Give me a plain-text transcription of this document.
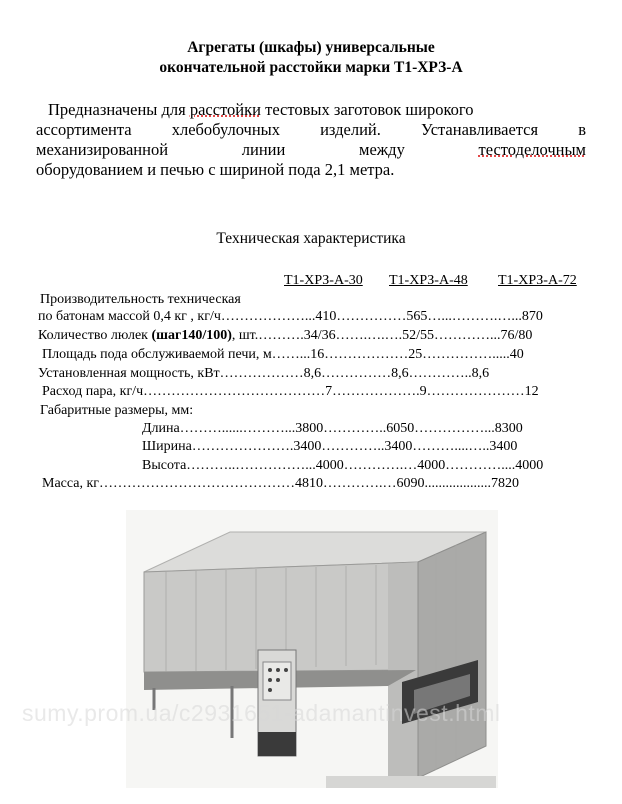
Агрегаты (шкафы) универсальные
окончательной расстойки марки Т1-ХРЗ-А
Предназначены для расстойки тестовых заготовок широкого
ассортимента хлебобулочных изделий. Устанавливается в
механизированной линии между тестоделочным
оборудованием и печью с шириной пода 2,1 метра.
Техническая характеристика
Т1-ХРЗ-А-30 Т1-ХРЗ-А-48 Т1-ХРЗ-А-72
Производительность техническая
по батонам массой 0,4 кг , кг/ч………………...410……………565…...……….…...870
Количество люлек (шаг140/100), шт.……….34/36…….….….52/55…………...76/80
Площадь пода обслуживаемой печи, м……...16………………25…………….....40
Установленная мощность, кВт………………8,6……………8,6…………..8,6
Расход пара, кг/ч…………………………………7……………….9…………………12
Габаритные размеры, мм:
Длина………......………...3800…………..6050……………...8300
Ширина………………….3400…………..3400………....…..3400
Высота………..……………...4000………….…4000…………....4000
Масса, кг……………………………………4810………….…6090...................7820
sumy.prom.ua/c2931651-adamantinvest.html
